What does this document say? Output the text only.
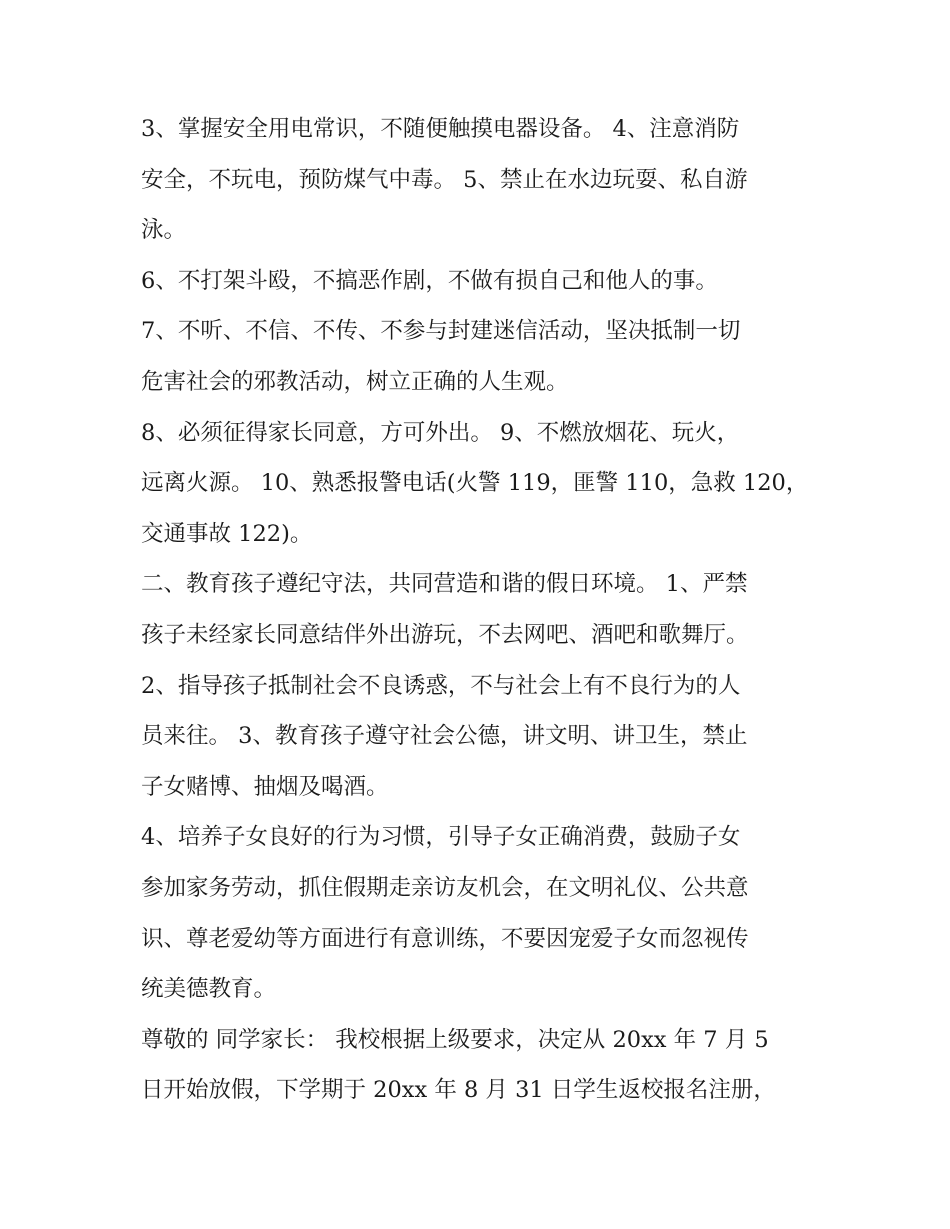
3、掌握安全用电常识，不随便触摸电器设备。 4、注意消防
安全，不玩电，预防煤气中毒。 5、禁止在水边玩耍、私自游
泳。
6、不打架斗殴，不搞恶作剧，不做有损自己和他人的事。
7、不听、不信、不传、不参与封建迷信活动，坚决抵制一切
危害社会的邪教活动，树立正确的人生观。
8、必须征得家长同意，方可外出。 9、不燃放烟花、玩火，
远离火源。 10、熟悉报警电话(火警 119，匪警 110，急救 120，
交通事故 122)。
二、教育孩子遵纪守法，共同营造和谐的假日环境。 1、严禁
孩子未经家长同意结伴外出游玩，不去网吧、酒吧和歌舞厅。
2、指导孩子抵制社会不良诱惑，不与社会上有不良行为的人
员来往。 3、教育孩子遵守社会公德，讲文明、讲卫生，禁止
子女赌博、抽烟及喝酒。
4、培养子女良好的行为习惯，引导子女正确消费，鼓励子女
参加家务劳动，抓住假期走亲访友机会，在文明礼仪、公共意
识、尊老爱幼等方面进行有意训练，不要因宠爱子女而忽视传
统美德教育。
尊敬的 同学家长： 我校根据上级要求，决定从 20xx 年 7 月 5
日开始放假，下学期于 20xx 年 8 月 31 日学生返校报名注册，
